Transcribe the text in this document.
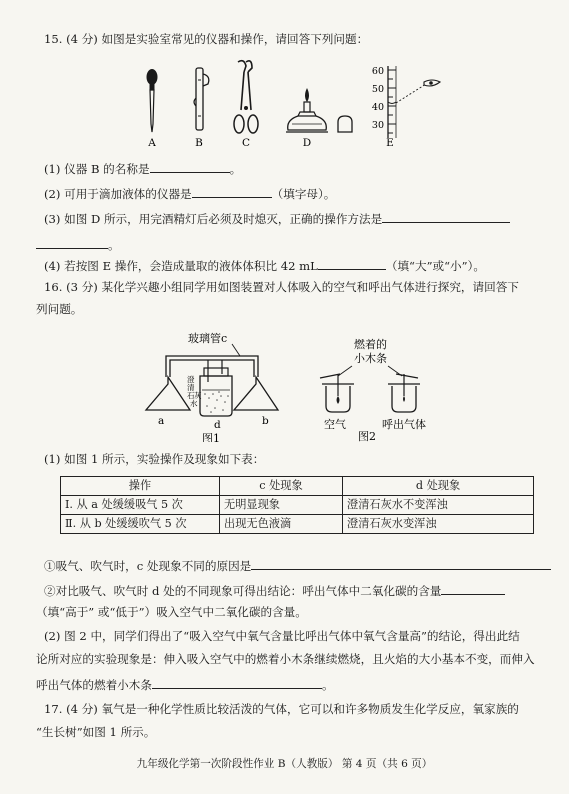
15. (4 分) 如图是实验室常见的仪器和操作，请回答下列问题：
60
50
40
30
A	B	C	D	E
(1) 仪器 B 的名称是	。
(2) 可用于滴加液体的仪器是	（填字母）。
(3) 如图 D 所示，用完酒精灯后必须及时熄灭，正确的操作方法是
。
(4) 若按图 E 操作，会造成量取的液体体积比 42 mL	（填“大”或“小”）。
16. (3 分) 某化学兴趣小组同学用如图装置对人体吸入的空气和呼出气体进行探究，请回答下
列问题。
玻璃管c
澄
清
石 灰
水
a	d	b
图1
燃着的
小木条
空气	呼出气体
图2
(1) 如图 1 所示，实验操作及现象如下表：
操作	c 处现象	d 处现象
Ⅰ. 从 a 处缓缓吸气 5 次	无明显现象	澄清石灰水不变浑浊
Ⅱ. 从 b 处缓缓吹气 5 次	出现无色液滴	澄清石灰水变浑浊
①吸气、吹气时，c 处现象不同的原因是
②对比吸气、吹气时 d 处的不同现象可得出结论：呼出气体中二氧化碳的含量
（填“高于” 或“低于”）吸入空气中二氧化碳的含量。
(2) 图 2 中，同学们得出了“吸入空气中氧气含量比呼出气体中氧气含量高”的结论，得出此结
论所对应的实验现象是：伸入吸入空气中的燃着小木条继续燃烧，且火焰的大小基本不变，而伸入
呼出气体的燃着小木条	。
17. (4 分) 氧气是一种化学性质比较活泼的气体，它可以和许多物质发生化学反应，氧家族的
“生长树”如图 1 所示。
九年级化学第一次阶段性作业 B（人教版） 第 4 页（共 6 页）
